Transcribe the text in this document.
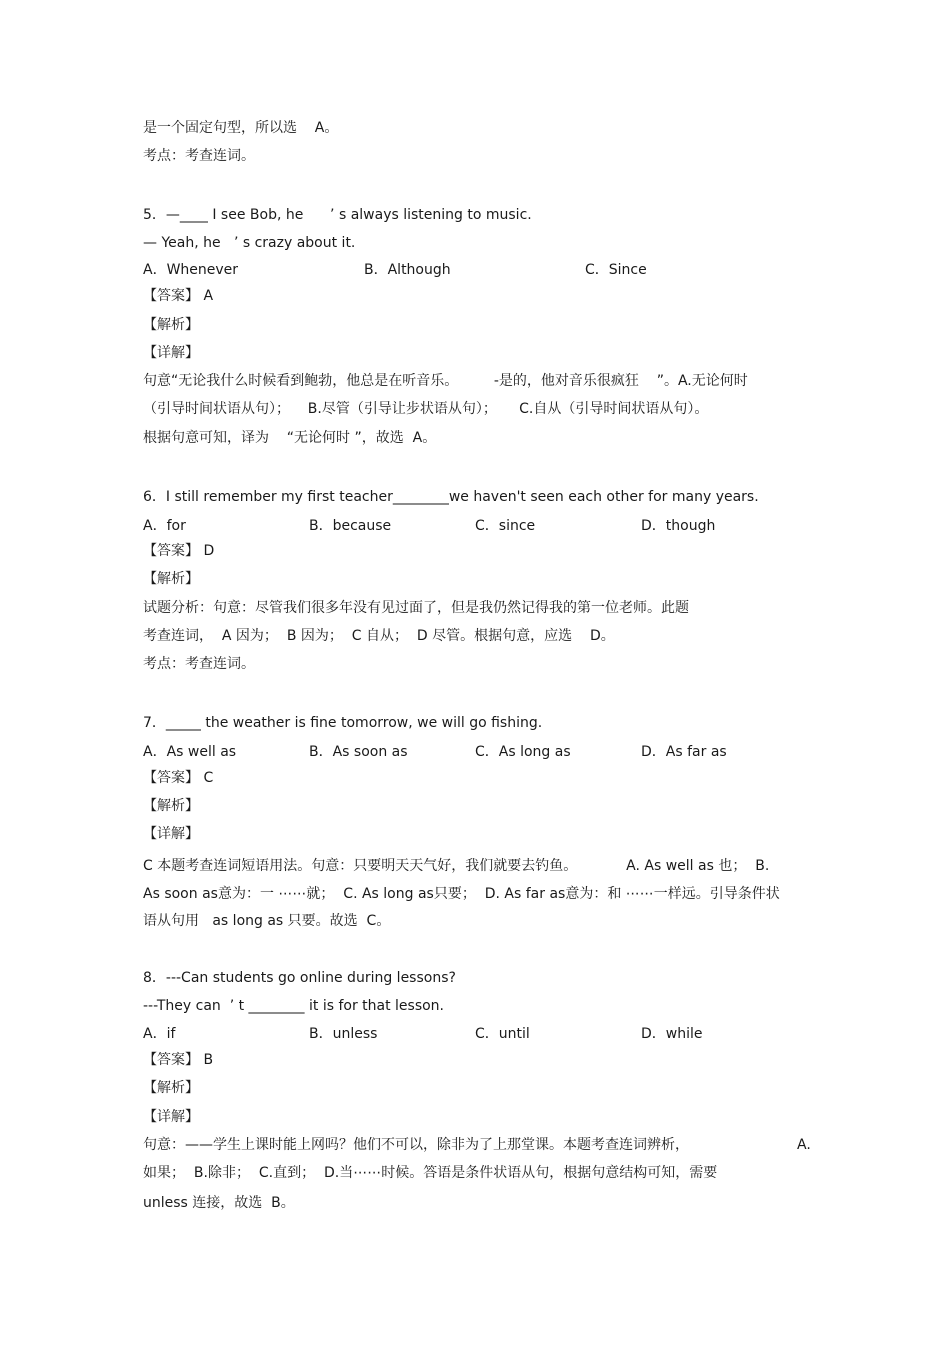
是一个固定句型，所以选    A。
考点：考查连词。
5．—____ I see Bob, he      ’ s always listening to music.
— Yeah, he   ’ s crazy about it.
A．Whenever	B．Although	C．Since
【答案】 A
【解析】
【详解】
句意“无论我什么时候看到鲍勃，他总是在听音乐。        -是的，他对音乐很疯狂    ”。A.无论何时
（引导时间状语从句）；    B.尽管（引导让步状语从句）；     C.自从（引导时间状语从句）。
根据句意可知，译为    “无论何时 ”，故选  A。
6．I still remember my first teacher________we haven't seen each other for many years.
A．for	B．because	C．since	D．though
【答案】 D
【解析】
试题分析：句意：尽管我们很多年没有见过面了，但是我仍然记得我的第一位老师。此题
考查连词，  A 因为；  B 因为；  C 自从；  D 尽管。根据句意，应选    D。
考点：考查连词。
7．_____ the weather is fine tomorrow, we will go fishing.
A．As well as	B．As soon as	C．As long as	D．As far as
【答案】 C
【解析】
【详解】
C 本题考查连词短语用法。句意：只要明天天气好，我们就要去钓鱼。           A. As well as 也；  B.
As soon as意为：一 ⋯⋯就；  C. As long as只要；  D. As far as意为：和 ⋯⋯一样远。引导条件状
语从句用   as long as 只要。故选  C。
8．---Can students go online during lessons?
---They can  ’ t ________ it is for that lesson.
A．if	B．unless	C．until	D．while
【答案】 B
【解析】
【详解】
句意：——学生上课时能上网吗？他们不可以，除非为了上那堂课。本题考查连词辨析，	A.
如果；  B.除非；  C.直到；  D.当⋯⋯时候。答语是条件状语从句，根据句意结构可知，需要
unless 连接，故选  B。
